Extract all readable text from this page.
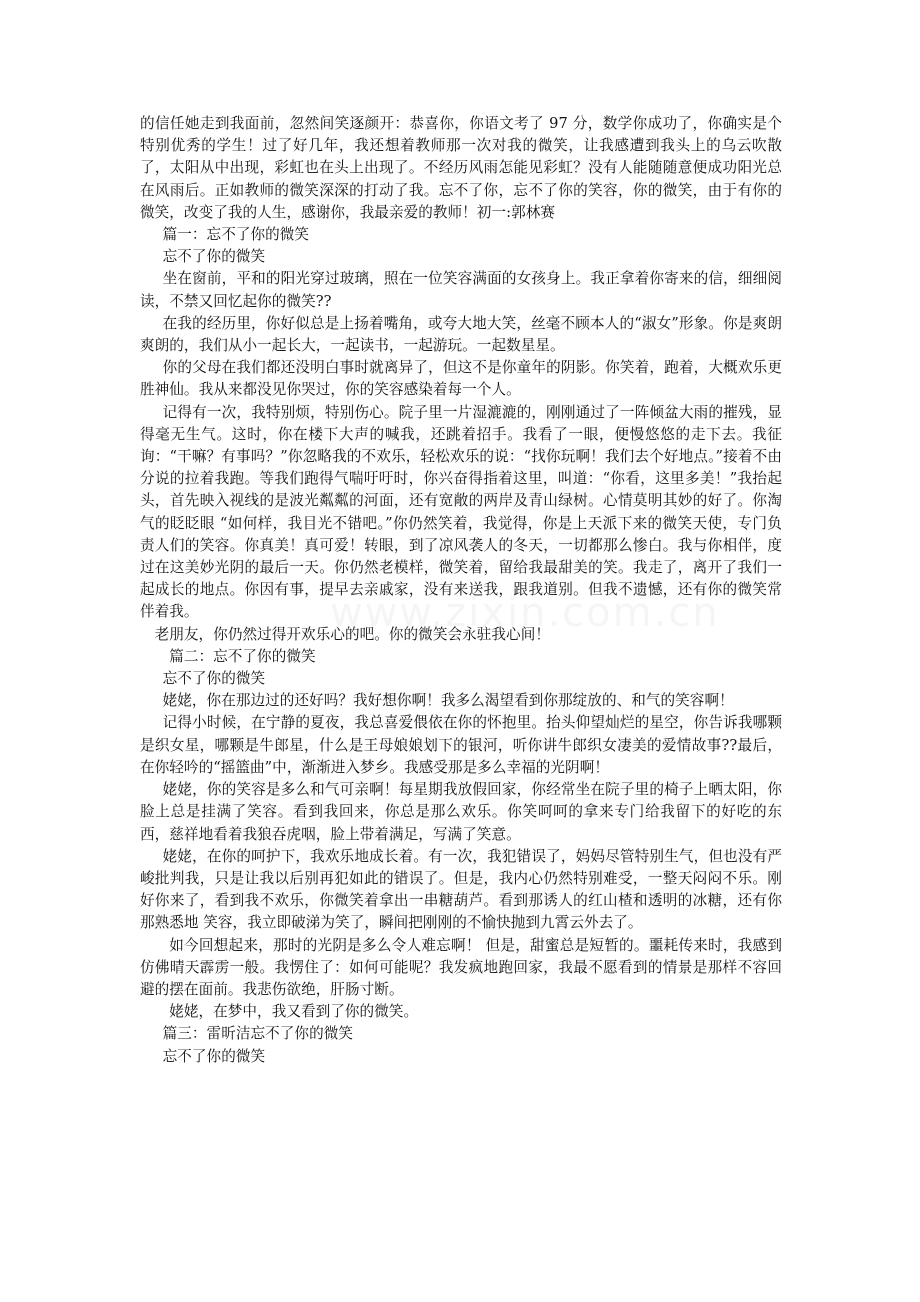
的信任她走到我面前，忽然间笑逐颜开：恭喜你，你语文考了 97 分，数学你成功了，你确实是个特别优秀的学生！过了好几年，我还想着教师那一次对我的微笑，让我感遭到我头上的乌云吹散了，太阳从中出现，彩虹也在头上出现了。不经历风雨怎能见彩虹？没有人能随随意便成功阳光总在风雨后。正如教师的微笑深深的打动了我。忘不了你，忘不了你的笑容，你的微笑，由于有你的微笑，改变了我的人生，感谢你，我最亲爱的教师！初一:郭林赛

篇一：忘不了你的微笑

忘不了你的微笑

坐在窗前，平和的阳光穿过玻璃，照在一位笑容满面的女孩身上。我正拿着你寄来的信，细细阅读，不禁又回忆起你的微笑??

在我的经历里，你好似总是上扬着嘴角，或夸大地大笑，丝毫不顾本人的“淑女”形象。你是爽朗爽朗的，我们从小一起长大，一起读书，一起游玩。一起数星星。

你的父母在我们都还没明白事时就离异了，但这不是你童年的阴影。你笑着，跑着，大概欢乐更胜神仙。我从来都没见你哭过，你的笑容感染着每一个人。

记得有一次，我特别烦，特别伤心。院子里一片湿漉漉的，刚刚通过了一阵倾盆大雨的摧残，显得毫无生气。这时，你在楼下大声的喊我，还跳着招手。我看了一眼，便慢悠悠的走下去。我征询：“干嘛？有事吗？”你忽略我的不欢乐，轻松欢乐的说：“找你玩啊！我们去个好地点。”接着不由分说的拉着我跑。等我们跑得气喘吁吁时，你兴奋得指着这里，叫道：“你看，这里多美！”我抬起头，首先映入视线的是波光粼粼的河面，还有宽敞的两岸及青山绿树。心情莫明其妙的好了。你淘气的眨眨眼 “如何样，我目光不错吧。”你仍然笑着，我觉得，你是上天派下来的微笑天使，专门负责人们的笑容。你真美！真可爱！转眼，到了凉风袭人的冬天，一切都那么惨白。我与你相伴，度过在这美妙光阴的最后一天。你仍然老模样，微笑着，留给我最甜美的笑。我走了，离开了我们一起成长的地点。你因有事，提早去亲戚家，没有来送我，跟我道别。但我不遗憾，还有你的微笑常伴着我。

老朋友，你仍然过得开欢乐心的吧。你的微笑会永驻我心间！

篇二：忘不了你的微笑

忘不了你的微笑

姥姥，你在那边过的还好吗？我好想你啊！我多么渴望看到你那绽放的、和气的笑容啊！

记得小时候，在宁静的夏夜，我总喜爱偎依在你的怀抱里。抬头仰望灿烂的星空，你告诉我哪颗是织女星，哪颗是牛郎星，什么是王母娘娘划下的银河，听你讲牛郎织女凄美的爱情故事??最后，在你轻吟的“摇篮曲”中，渐渐进入梦乡。我感受那是多么幸福的光阴啊！

姥姥，你的笑容是多么和气可亲啊！每星期我放假回家，你经常坐在院子里的椅子上晒太阳，你脸上总是挂满了笑容。看到我回来，你总是那么欢乐。你笑呵呵的拿来专门给我留下的好吃的东西，慈祥地看着我狼吞虎咽，脸上带着满足，写满了笑意。

姥姥，在你的呵护下，我欢乐地成长着。有一次，我犯错误了，妈妈尽管特别生气，但也没有严峻批判我，只是让我以后别再犯如此的错误了。但是，我内心仍然特别难受，一整天闷闷不乐。刚好你来了，看到我不欢乐，你微笑着拿出一串糖葫芦。看到那诱人的红山楂和透明的冰糖，还有你那熟悉地 笑容，我立即破涕为笑了，瞬间把刚刚的不愉快抛到九霄云外去了。

如今回想起来，那时的光阴是多么令人难忘啊！ 但是，甜蜜总是短暂的。噩耗传来时，我感到仿佛晴天霹雳一般。我愣住了：如何可能呢？我发疯地跑回家，我最不愿看到的情景是那样不容回避的摆在面前。我悲伤欲绝，肝肠寸断。

姥姥，在梦中，我又看到了你的微笑。

篇三：雷昕洁忘不了你的微笑

忘不了你的微笑
